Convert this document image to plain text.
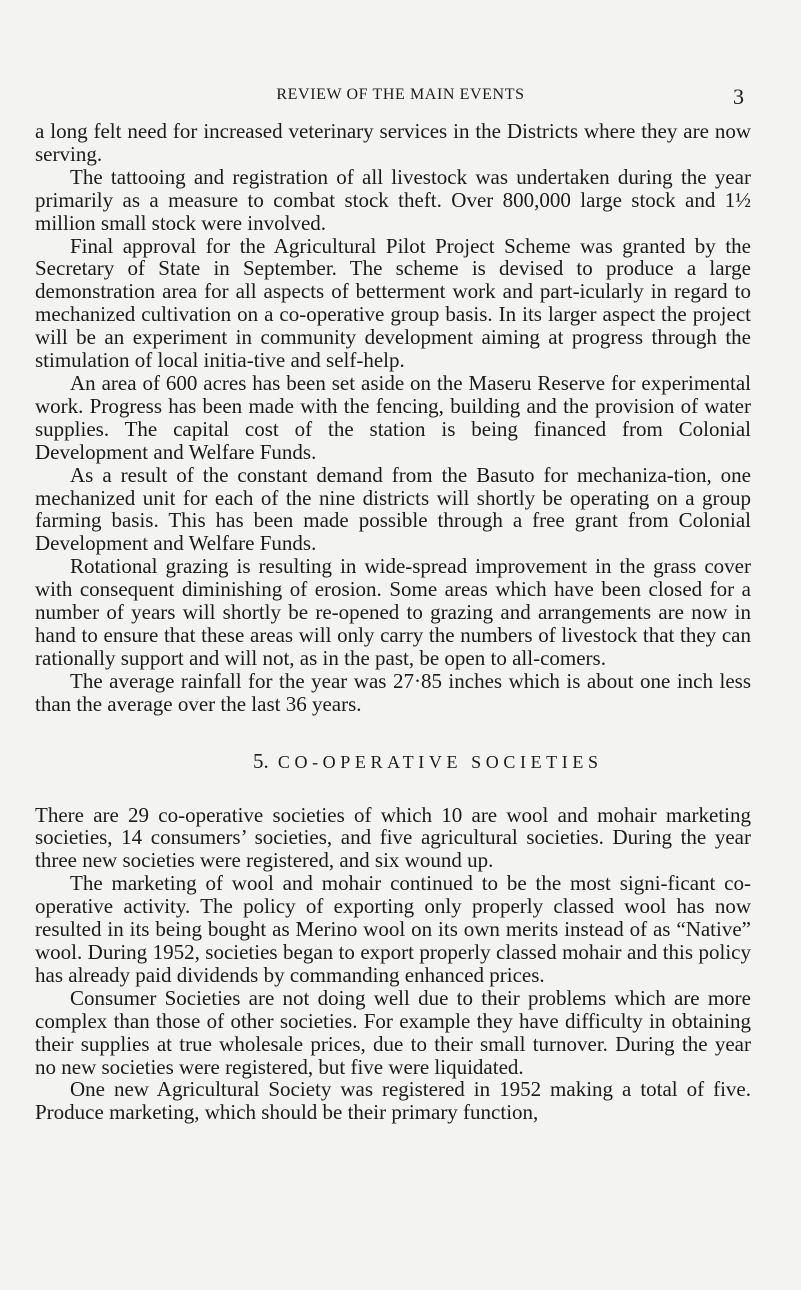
REVIEW OF THE MAIN EVENTS	3

a long felt need for increased veterinary services in the Districts where they are now serving.

The tattooing and registration of all livestock was undertaken during the year primarily as a measure to combat stock theft. Over 800,000 large stock and 1½ million small stock were involved.

Final approval for the Agricultural Pilot Project Scheme was granted by the Secretary of State in September. The scheme is devised to produce a large demonstration area for all aspects of betterment work and part-icularly in regard to mechanized cultivation on a co-operative group basis. In its larger aspect the project will be an experiment in community development aiming at progress through the stimulation of local initia-tive and self-help.

An area of 600 acres has been set aside on the Maseru Reserve for experimental work. Progress has been made with the fencing, building and the provision of water supplies. The capital cost of the station is being financed from Colonial Development and Welfare Funds.

As a result of the constant demand from the Basuto for mechaniza-tion, one mechanized unit for each of the nine districts will shortly be operating on a group farming basis. This has been made possible through a free grant from Colonial Development and Welfare Funds.

Rotational grazing is resulting in wide-spread improvement in the grass cover with consequent diminishing of erosion. Some areas which have been closed for a number of years will shortly be re-opened to grazing and arrangements are now in hand to ensure that these areas will only carry the numbers of livestock that they can rationally support and will not, as in the past, be open to all-comers.

The average rainfall for the year was 27·85 inches which is about one inch less than the average over the last 36 years.

5. CO-OPERATIVE SOCIETIES

There are 29 co-operative societies of which 10 are wool and mohair marketing societies, 14 consumers’ societies, and five agricultural societies. During the year three new societies were registered, and six wound up.

The marketing of wool and mohair continued to be the most signi-ficant co-operative activity. The policy of exporting only properly classed wool has now resulted in its being bought as Merino wool on its own merits instead of as “Native” wool. During 1952, societies began to export properly classed mohair and this policy has already paid dividends by commanding enhanced prices.

Consumer Societies are not doing well due to their problems which are more complex than those of other societies. For example they have difficulty in obtaining their supplies at true wholesale prices, due to their small turnover. During the year no new societies were registered, but five were liquidated.

One new Agricultural Society was registered in 1952 making a total of five. Produce marketing, which should be their primary function,
